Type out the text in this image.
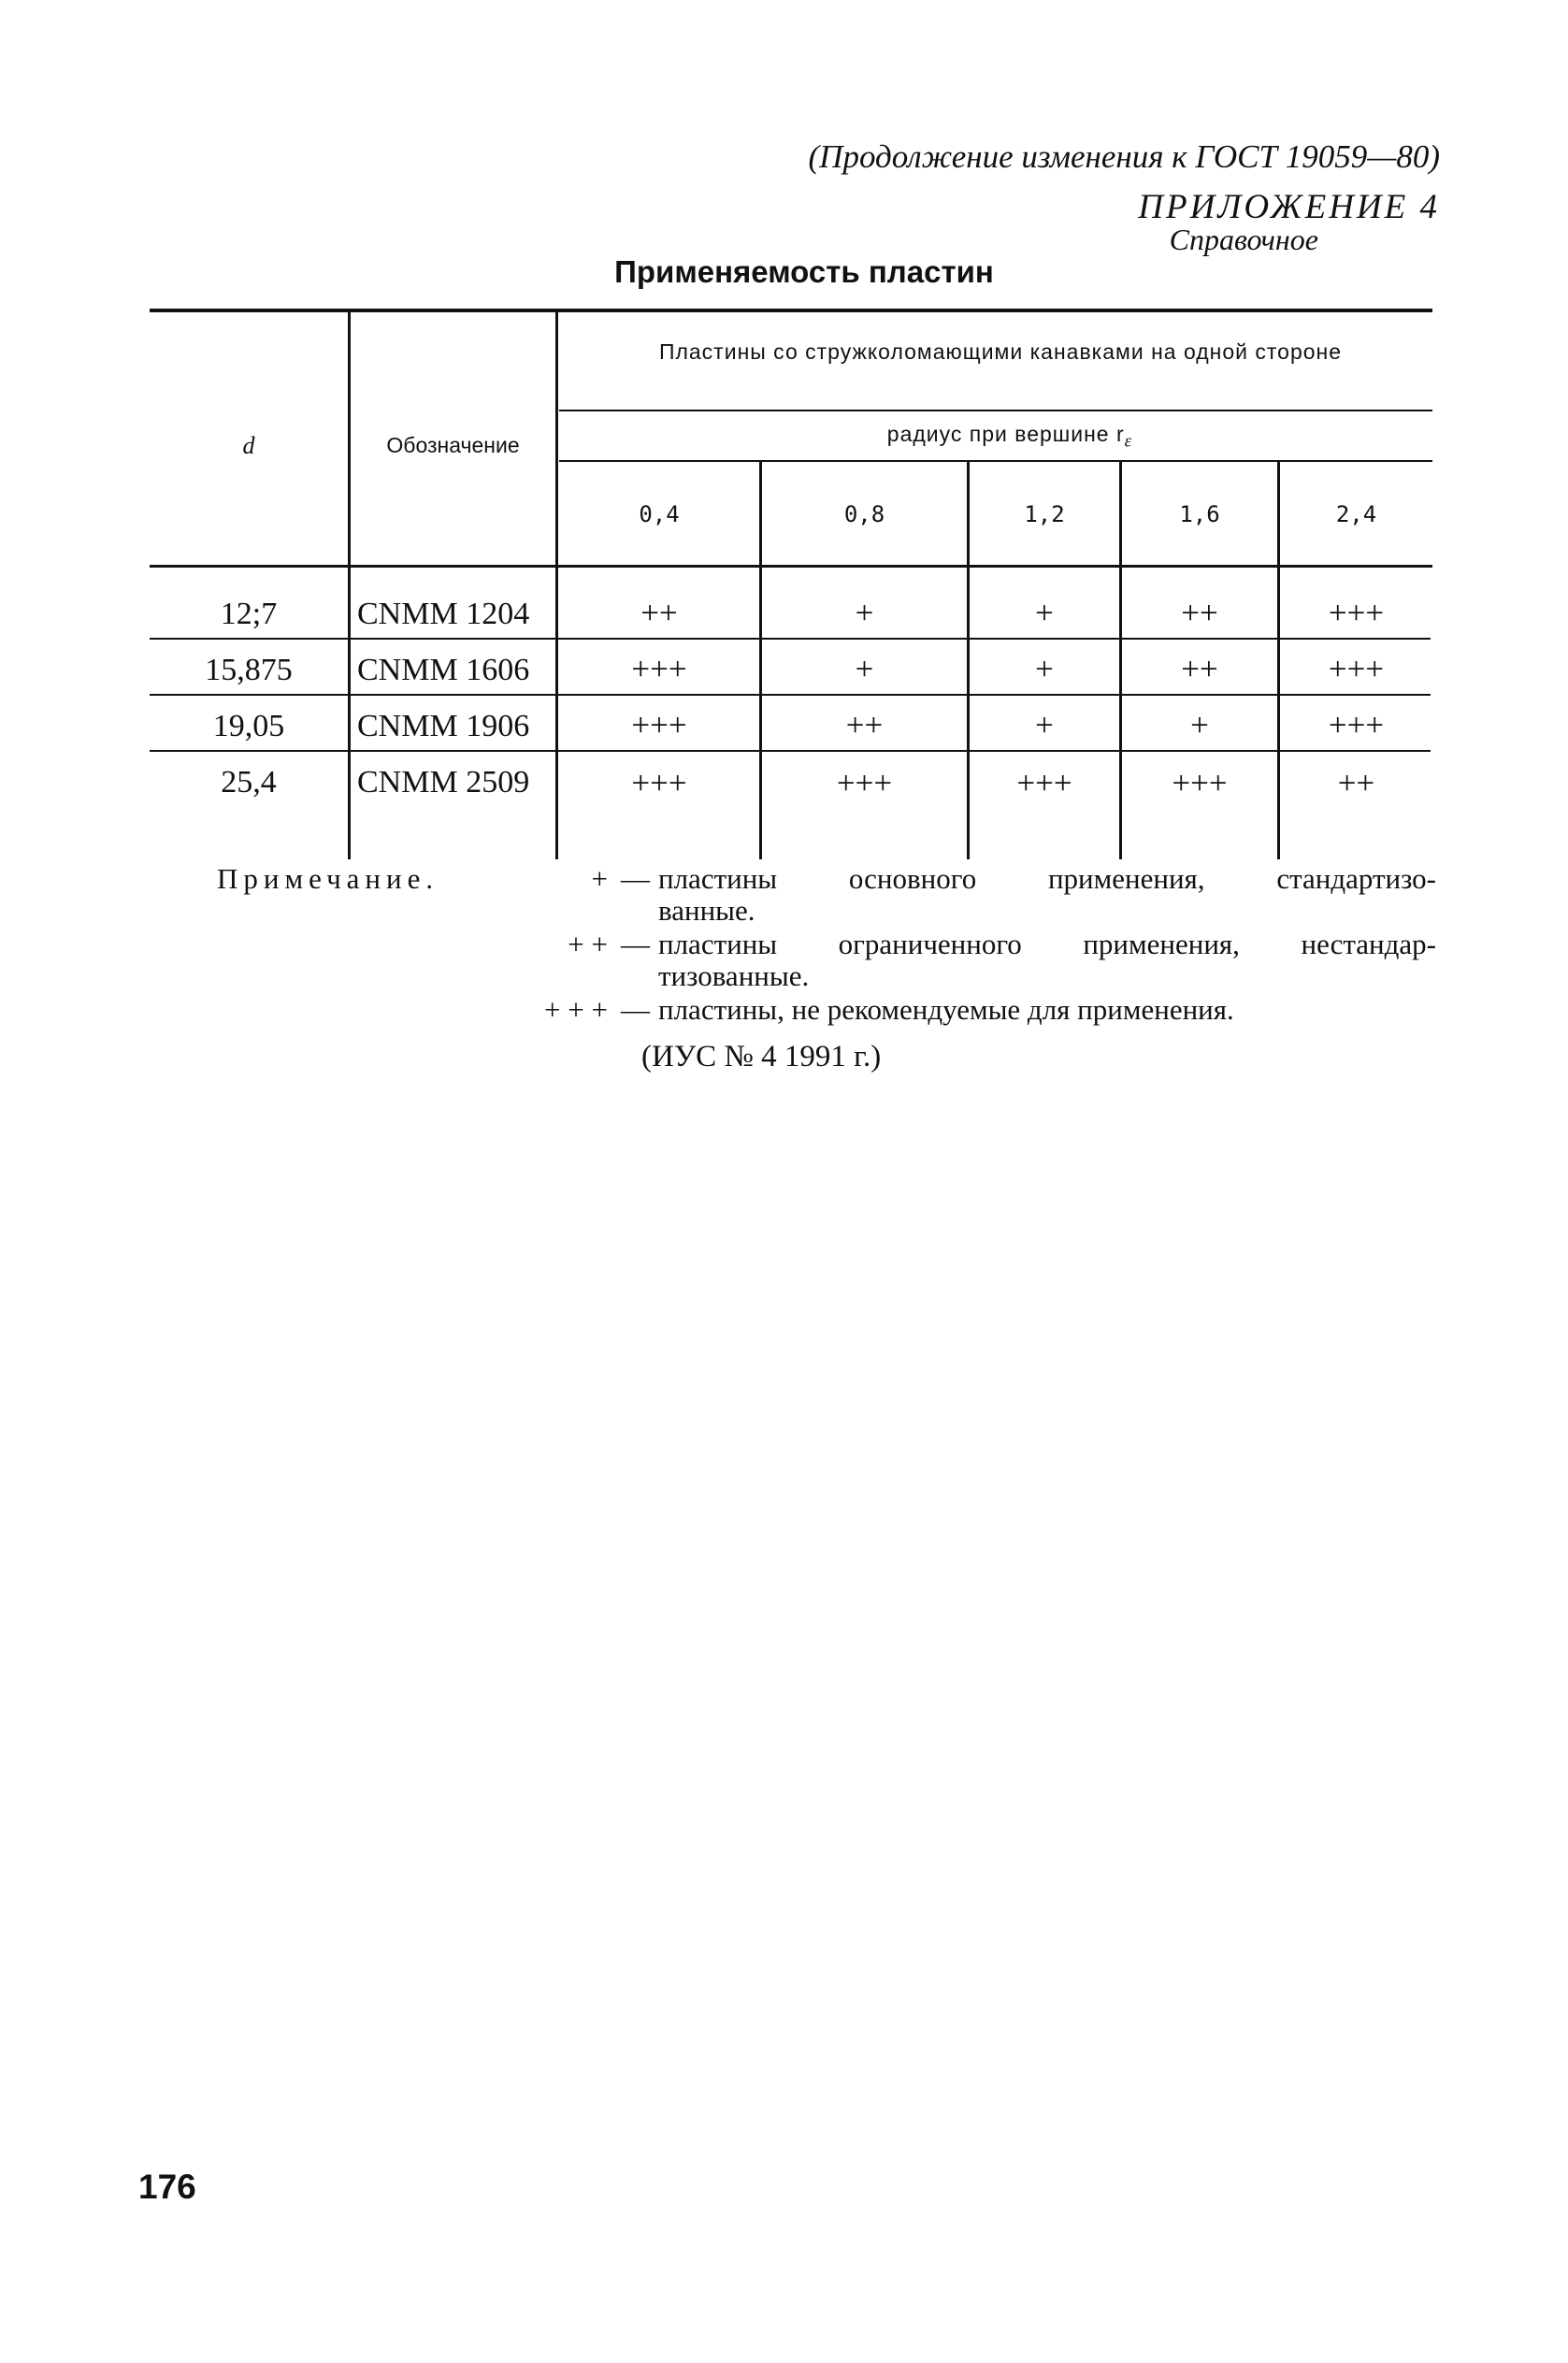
(Продолжение изменения к ГОСТ 19059—80)
ПРИЛОЖЕНИЕ 4
Справочное
Применяемость пластин
d	Обозначение
Пластины со стружколомающими канавками на одной стороне
радиус при вершине $r_\varepsilon$
0,4	0,8	1,2	1,6	2,4
12;7	CNMM 1204	++	+	+	++	+++
15,875	CNMM 1606	+++	+	+	++	+++
19,05	CNMM 1906	+++	++	+	+	+++
25,4	CNMM 2509	+++	+++	+++	+++	++
Примечание.	+ — пластины основного применения, стандартизо-
ванные.
+ + — пластины ограниченного применения, нестандар-
тизованные.
+ + + — пластины, не рекомендуемые для применения.
(ИУС № 4 1991 г.)
176
